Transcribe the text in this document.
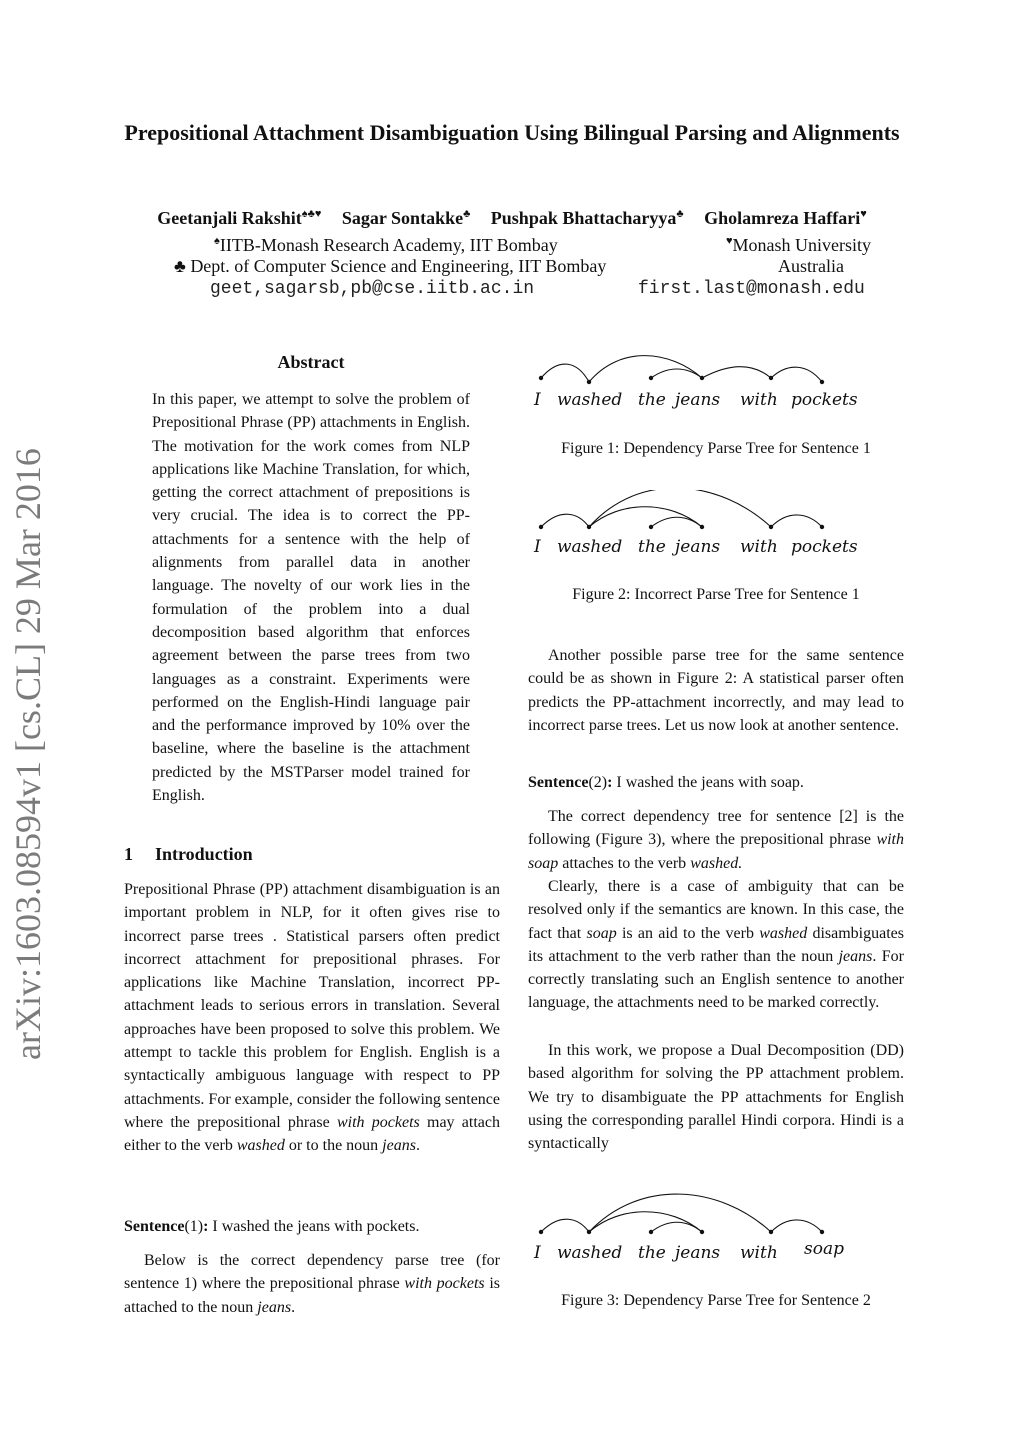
Prepositional Attachment Disambiguation Using Bilingual Parsing and Alignments
Geetanjali Rakshit♠♣♥ Sagar Sontakke♣ Pushpak Bhattacharyya♣ Gholamreza Haffari♥
♠IITB-Monash Research Academy, IIT Bombay	♥Monash University
♣ Dept. of Computer Science and Engineering, IIT Bombay	Australia
geet,sagarsb,pb@cse.iitb.ac.in	first.last@monash.edu
arXiv:1603.08594v1 [cs.CL] 29 Mar 2016
Abstract

In this paper, we attempt to solve the problem of Prepositional Phrase (PP) attachments in English. The motivation for the work comes from NLP applications like Machine Translation, for which, getting the correct attachment of prepositions is very crucial. The idea is to correct the PP-attachments for a sentence with the help of alignments from parallel data in another language. The novelty of our work lies in the formulation of the problem into a dual decomposition based algorithm that enforces agreement between the parse trees from two languages as a constraint. Experiments were performed on the English-Hindi language pair and the performance improved by 10% over the baseline, where the baseline is the attachment predicted by the MSTParser model trained for English.

1 Introduction

Prepositional Phrase (PP) attachment disambiguation is an important problem in NLP, for it often gives rise to incorrect parse trees . Statistical parsers often predict incorrect attachment for prepositional phrases. For applications like Machine Translation, incorrect PP-attachment leads to serious errors in translation. Several approaches have been proposed to solve this problem. We attempt to tackle this problem for English. English is a syntactically ambiguous language with respect to PP attachments. For example, consider the following sentence where the prepositional phrase with pockets may attach either to the verb washed or to the noun jeans.

Sentence(1): I washed the jeans with pockets.

Below is the correct dependency parse tree (for sentence 1) where the prepositional phrase with pockets is attached to the noun jeans.

I washed the jeans with pockets
Figure 1: Dependency Parse Tree for Sentence 1
I washed the jeans with pockets
Figure 2: Incorrect Parse Tree for Sentence 1

Another possible parse tree for the same sentence could be as shown in Figure 2: A statistical parser often predicts the PP-attachment incorrectly, and may lead to incorrect parse trees. Let us now look at another sentence.

Sentence(2): I washed the jeans with soap.

The correct dependency tree for sentence [2] is the following (Figure 3), where the prepositional phrase with soap attaches to the verb washed.

Clearly, there is a case of ambiguity that can be resolved only if the semantics are known. In this case, the fact that soap is an aid to the verb washed disambiguates its attachment to the verb rather than the noun jeans. For correctly translating such an English sentence to another language, the attachments need to be marked correctly.

In this work, we propose a Dual Decomposition (DD) based algorithm for solving the PP attachment problem. We try to disambiguate the PP attachments for English using the corresponding parallel Hindi corpora. Hindi is a syntactically

I washed the jeans with soap
Figure 3: Dependency Parse Tree for Sentence 2
